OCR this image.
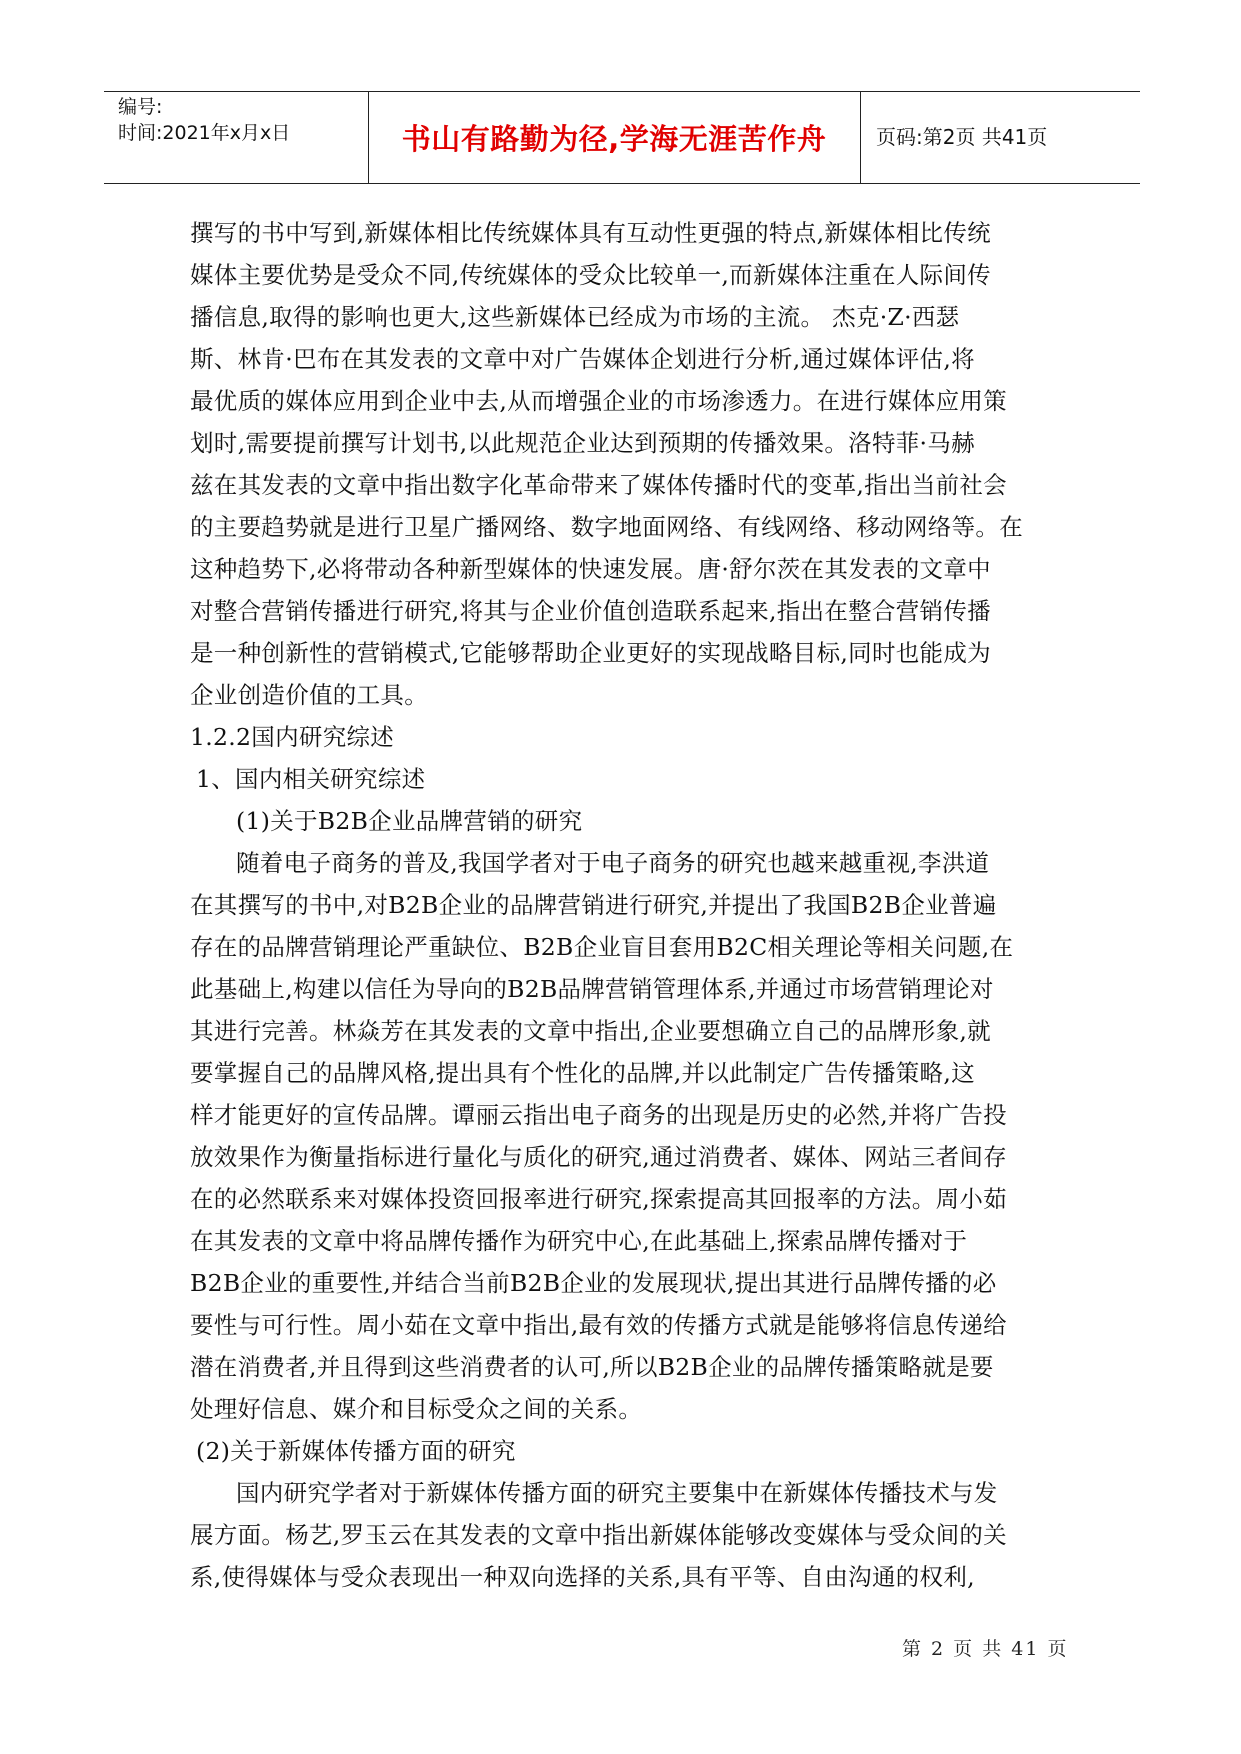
编号:
时间:2021年x月x日	书山有路勤为径,学海无涯苦作舟	页码:第2页 共41页
撰写的书中写到,新媒体相比传统媒体具有互动性更强的特点,新媒体相比传统
媒体主要优势是受众不同,传统媒体的受众比较单一,而新媒体注重在人际间传
播信息,取得的影响也更大,这些新媒体已经成为市场的主流。 杰克·Z·西瑟
斯、林肯·巴布在其发表的文章中对广告媒体企划进行分析,通过媒体评估,将
最优质的媒体应用到企业中去,从而增强企业的市场渗透力。在进行媒体应用策
划时,需要提前撰写计划书,以此规范企业达到预期的传播效果。洛特菲·马赫
兹在其发表的文章中指出数字化革命带来了媒体传播时代的变革,指出当前社会
的主要趋势就是进行卫星广播网络、数字地面网络、有线网络、移动网络等。在
这种趋势下,必将带动各种新型媒体的快速发展。唐·舒尔茨在其发表的文章中
对整合营销传播进行研究,将其与企业价值创造联系起来,指出在整合营销传播
是一种创新性的营销模式,它能够帮助企业更好的实现战略目标,同时也能成为
企业创造价值的工具。
1.2.2国内研究综述
1、国内相关研究综述
(1)关于B2B企业品牌营销的研究
随着电子商务的普及,我国学者对于电子商务的研究也越来越重视,李洪道
在其撰写的书中,对B2B企业的品牌营销进行研究,并提出了我国B2B企业普遍
存在的品牌营销理论严重缺位、B2B企业盲目套用B2C相关理论等相关问题,在
此基础上,构建以信任为导向的B2B品牌营销管理体系,并通过市场营销理论对
其进行完善。林焱芳在其发表的文章中指出,企业要想确立自己的品牌形象,就
要掌握自己的品牌风格,提出具有个性化的品牌,并以此制定广告传播策略,这
样才能更好的宣传品牌。谭丽云指出电子商务的出现是历史的必然,并将广告投
放效果作为衡量指标进行量化与质化的研究,通过消费者、媒体、网站三者间存
在的必然联系来对媒体投资回报率进行研究,探索提高其回报率的方法。周小茹
在其发表的文章中将品牌传播作为研究中心,在此基础上,探索品牌传播对于
B2B企业的重要性,并结合当前B2B企业的发展现状,提出其进行品牌传播的必
要性与可行性。周小茹在文章中指出,最有效的传播方式就是能够将信息传递给
潜在消费者,并且得到这些消费者的认可,所以B2B企业的品牌传播策略就是要
处理好信息、媒介和目标受众之间的关系。
(2)关于新媒体传播方面的研究
国内研究学者对于新媒体传播方面的研究主要集中在新媒体传播技术与发
展方面。杨艺,罗玉云在其发表的文章中指出新媒体能够改变媒体与受众间的关
系,使得媒体与受众表现出一种双向选择的关系,具有平等、自由沟通的权利,
第 2 页 共 41 页
